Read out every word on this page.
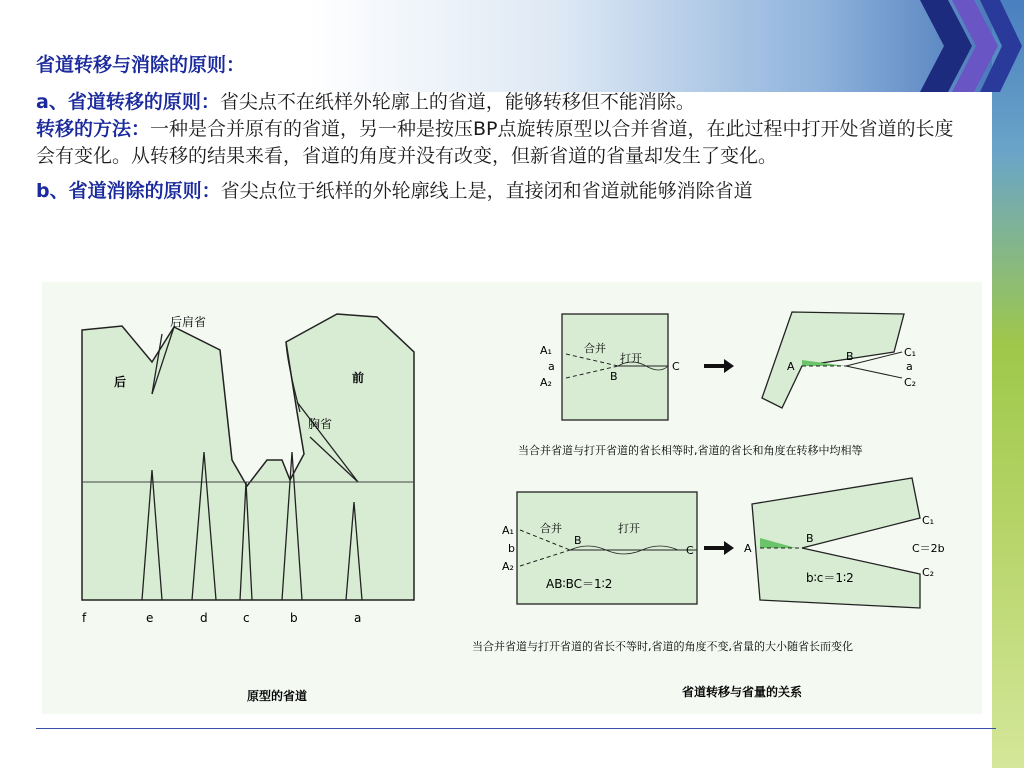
省道转移与消除的原则：

a、省道转移的原则：省尖点不在纸样外轮廓上的省道，能够转移但不能消除。

转移的方法：一种是合并原有的省道，另一种是按压BP点旋转原型以合并省道，在此过程中打开处省道的长度会有变化。从转移的结果来看，省道的角度并没有改变，但新省道的省量却发生了变化。

b、省道消除的原则：省尖点位于纸样的外轮廓线上是，直接闭和省道就能够消除省道

后肩省
后	前
胸省
f	e	d	c	b	a
原型的省道
A₁
a
A₂
合并
打开
B
C	A
B	C₁
a
C₂
当合并省道与打开省道的省长相等时,省道的省长和角度在转移中均相等
A₁
b
A₂
合并	打开
B
C
AB∶BC＝1∶2
A
B
C₁
C＝2b
C₂
b∶c＝1∶2
当合并省道与打开省道的省长不等时,省道的角度不变,省量的大小随省长而变化
省道转移与省量的关系
